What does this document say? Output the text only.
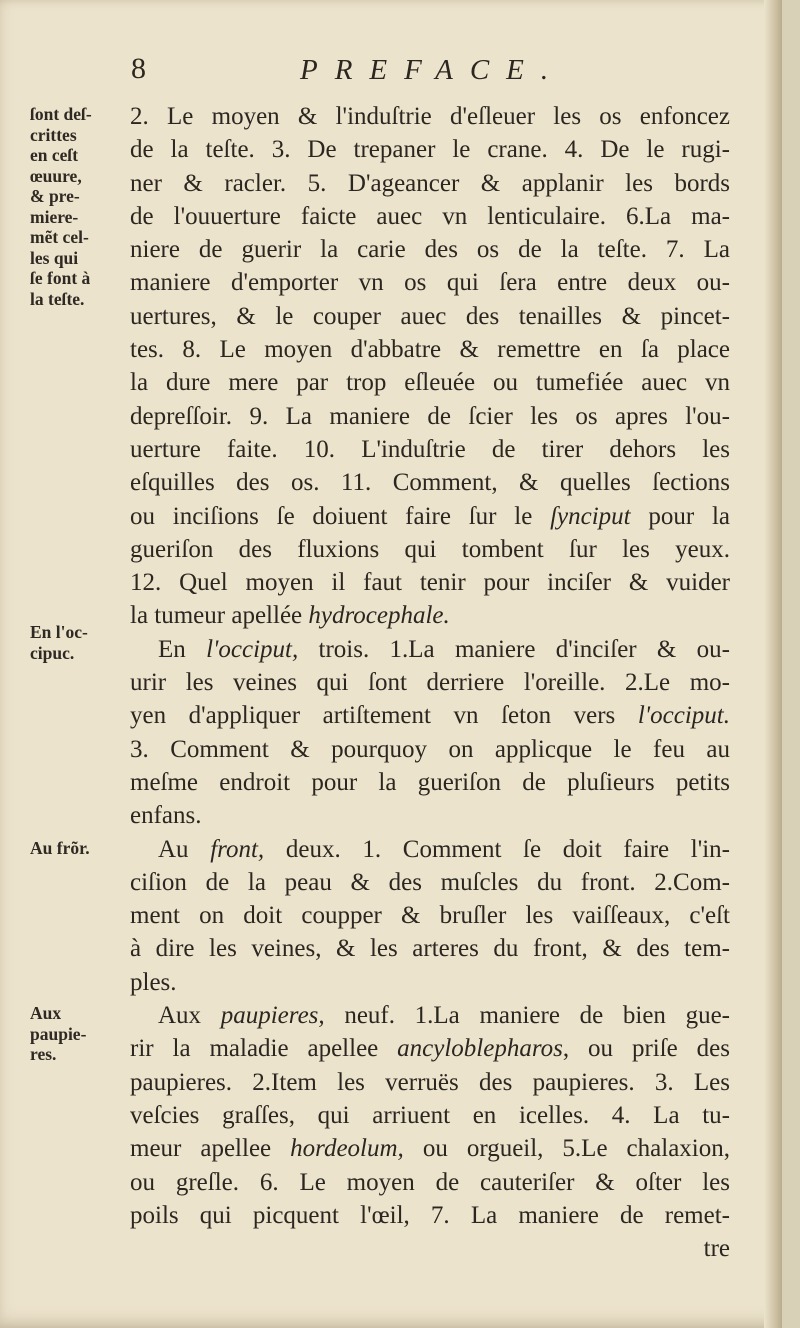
8	PREFACE.
ſont deſ-
crittes
en ceſt
œuure,
& pre-
miere-
mẽt cel-
les qui
ſe font à
la teſte.
En l'oc-
cipuc.
Au frõr.
Aux
paupie-
res.
2. Le moyen & l'induſtrie d'eſleuer les os enfoncez
de la teſte. 3. De trepaner le crane. 4. De le rugi-
ner & racler. 5. D'ageancer & applanir les bords
de l'ouuerture faicte auec vn lenticulaire. 6.La ma-
niere de guerir la carie des os de la teſte. 7. La
maniere d'emporter vn os qui ſera entre deux ou-
uertures, & le couper auec des tenailles & pincet-
tes. 8. Le moyen d'abbatre & remettre en ſa place
la dure mere par trop eſleuée ou tumefiée auec vn
depreſſoir. 9. La maniere de ſcier les os apres l'ou-
uerture faite. 10. L'induſtrie de tirer dehors les
eſquilles des os. 11. Comment, & quelles ſections
ou inciſions ſe doiuent faire ſur le ſynciput pour la
gueriſon des fluxions qui tombent ſur les yeux.
12. Quel moyen il faut tenir pour inciſer & vuider
la tumeur apellée hydrocephale.
En l'occiput, trois. 1.La maniere d'inciſer & ou-
urir les veines qui ſont derriere l'oreille. 2.Le mo-
yen d'appliquer artiſtement vn ſeton vers l'occiput.
3. Comment & pourquoy on applicque le feu au
meſme endroit pour la gueriſon de pluſieurs petits
enfans.
Au front, deux. 1. Comment ſe doit faire l'in-
ciſion de la peau & des muſcles du front. 2.Com-
ment on doit coupper & bruſler les vaiſſeaux, c'eſt
à dire les veines, & les arteres du front, & des tem-
ples.
Aux paupieres, neuf. 1.La maniere de bien gue-
rir la maladie apellee ancyloblepharos, ou priſe des
paupieres. 2.Item les verruës des paupieres. 3. Les
veſcies graſſes, qui arriuent en icelles. 4. La tu-
meur apellee hordeolum, ou orgueil, 5.Le chalaxion,
ou greſle. 6. Le moyen de cauteriſer & oſter les
poils qui picquent l'œil, 7. La maniere de remet-
tre
